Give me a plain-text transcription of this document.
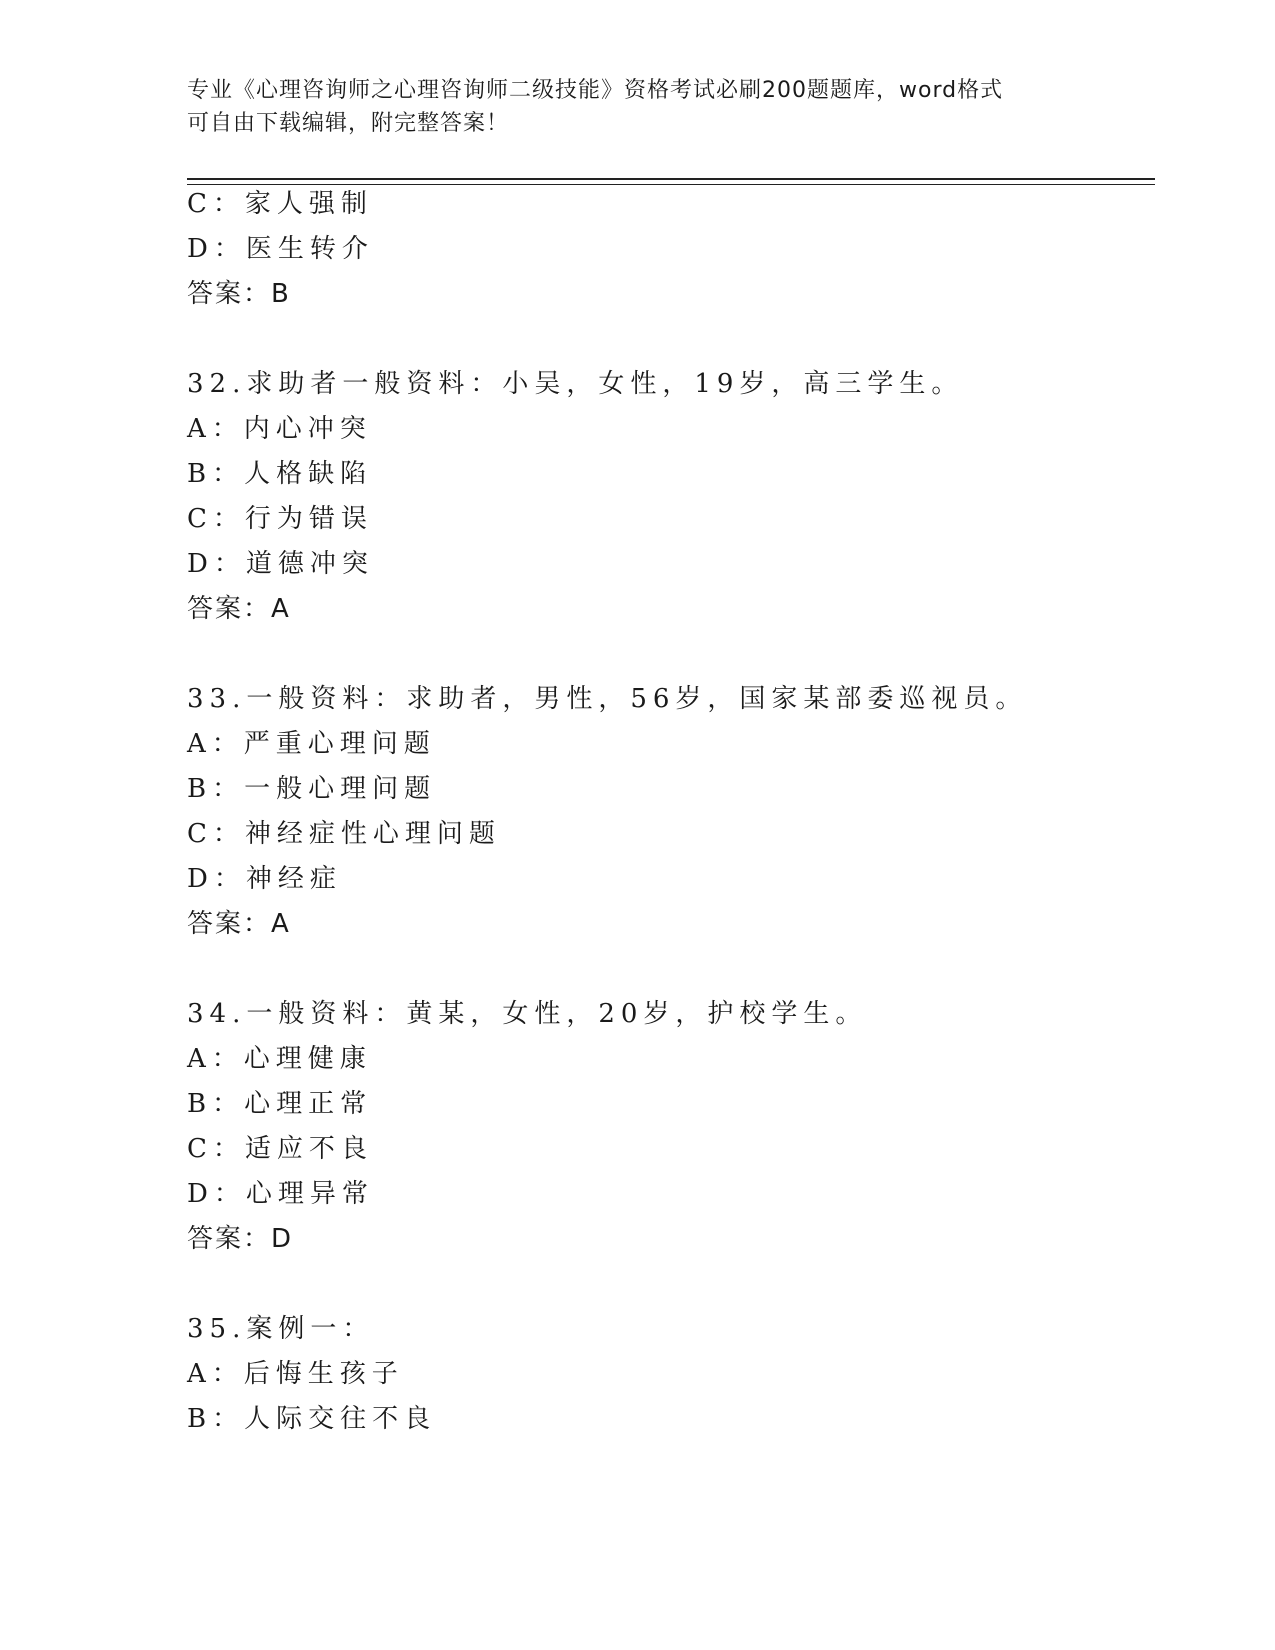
专业《心理咨询师之心理咨询师二级技能》资格考试必刷200题题库，word格式
可自由下载编辑，附完整答案！
C：家人强制
D：医生转介
答案：B
32.求助者一般资料：小吴，女性，19岁，高三学生。
A：内心冲突
B：人格缺陷
C：行为错误
D：道德冲突
答案：A
33.一般资料：求助者，男性，56岁，国家某部委巡视员。
A：严重心理问题
B：一般心理问题
C：神经症性心理问题
D：神经症
答案：A
34.一般资料：黄某，女性，20岁，护校学生。
A：心理健康
B：心理正常
C：适应不良
D：心理异常
答案：D
35.案例一：
A：后悔生孩子
B：人际交往不良
